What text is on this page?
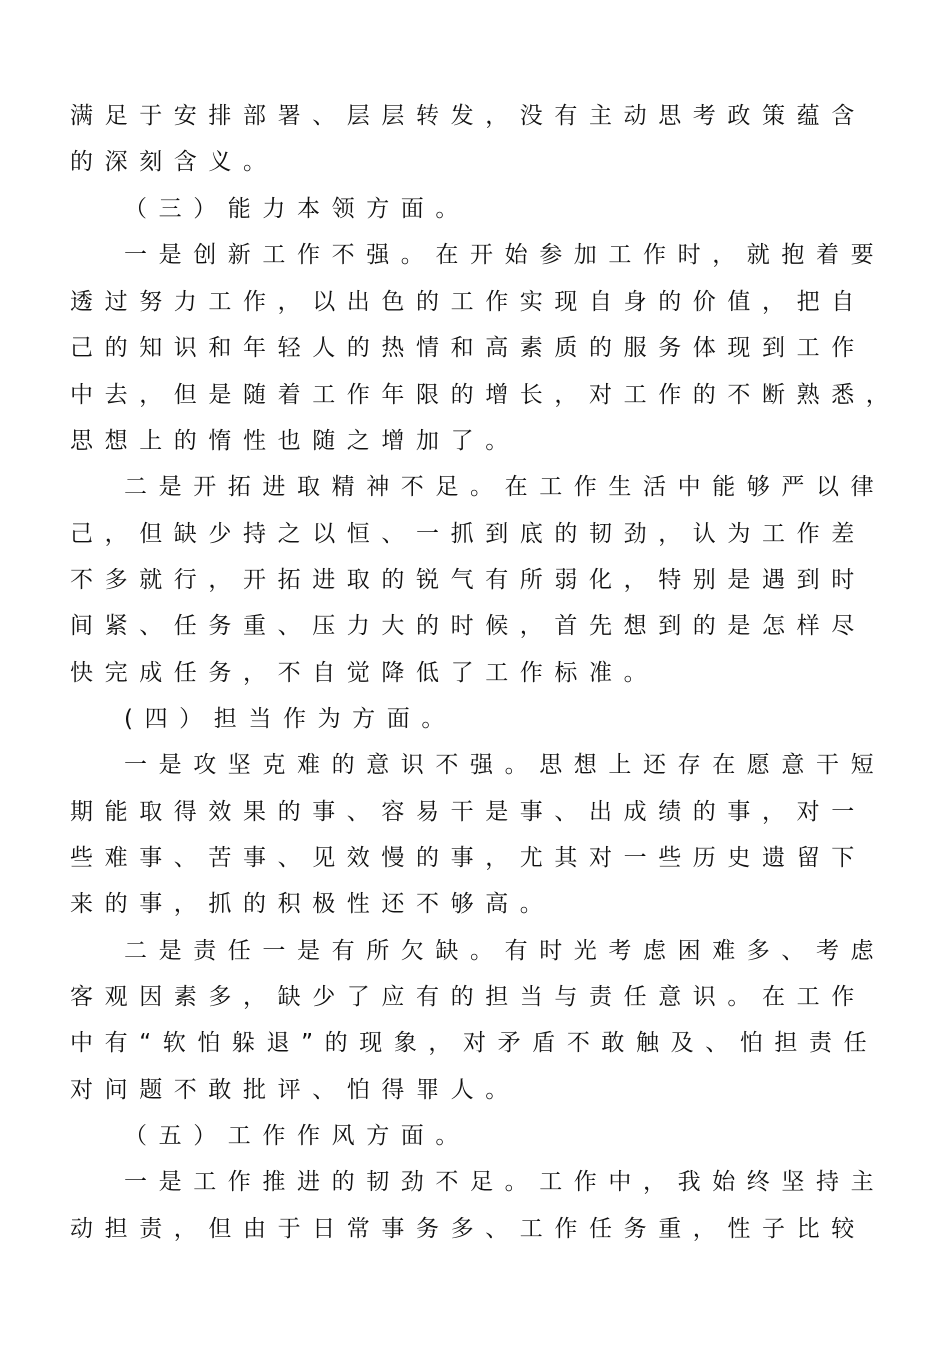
满足于安排部署、层层转发，没有主动思考政策蕴含
的深刻含义。
（三）能力本领方面。
一是创新工作不强。在开始参加工作时，就抱着要
透过努力工作，以出色的工作实现自身的价值，把自
己的知识和年轻人的热情和高素质的服务体现到工作
中去，但是随着工作年限的增长，对工作的不断熟悉，
思想上的惰性也随之增加了。
二是开拓进取精神不足。在工作生活中能够严以律
己，但缺少持之以恒、一抓到底的韧劲，认为工作差
不多就行，开拓进取的锐气有所弱化，特别是遇到时
间紧、任务重、压力大的时候，首先想到的是怎样尽
快完成任务，不自觉降低了工作标准。
(四）担当作为方面。
一是攻坚克难的意识不强。思想上还存在愿意干短
期能取得效果的事、容易干是事、出成绩的事，对一
些难事、苦事、见效慢的事，尤其对一些历史遗留下
来的事，抓的积极性还不够高。
二是责任一是有所欠缺。有时光考虑困难多、考虑
客观因素多，缺少了应有的担当与责任意识。在工作
中有“软怕躲退”的现象，对矛盾不敢触及、怕担责任
对问题不敢批评、怕得罪人。
（五）工作作风方面。
一是工作推进的韧劲不足。工作中，我始终坚持主
动担责，但由于日常事务多、工作任务重，性子比较
